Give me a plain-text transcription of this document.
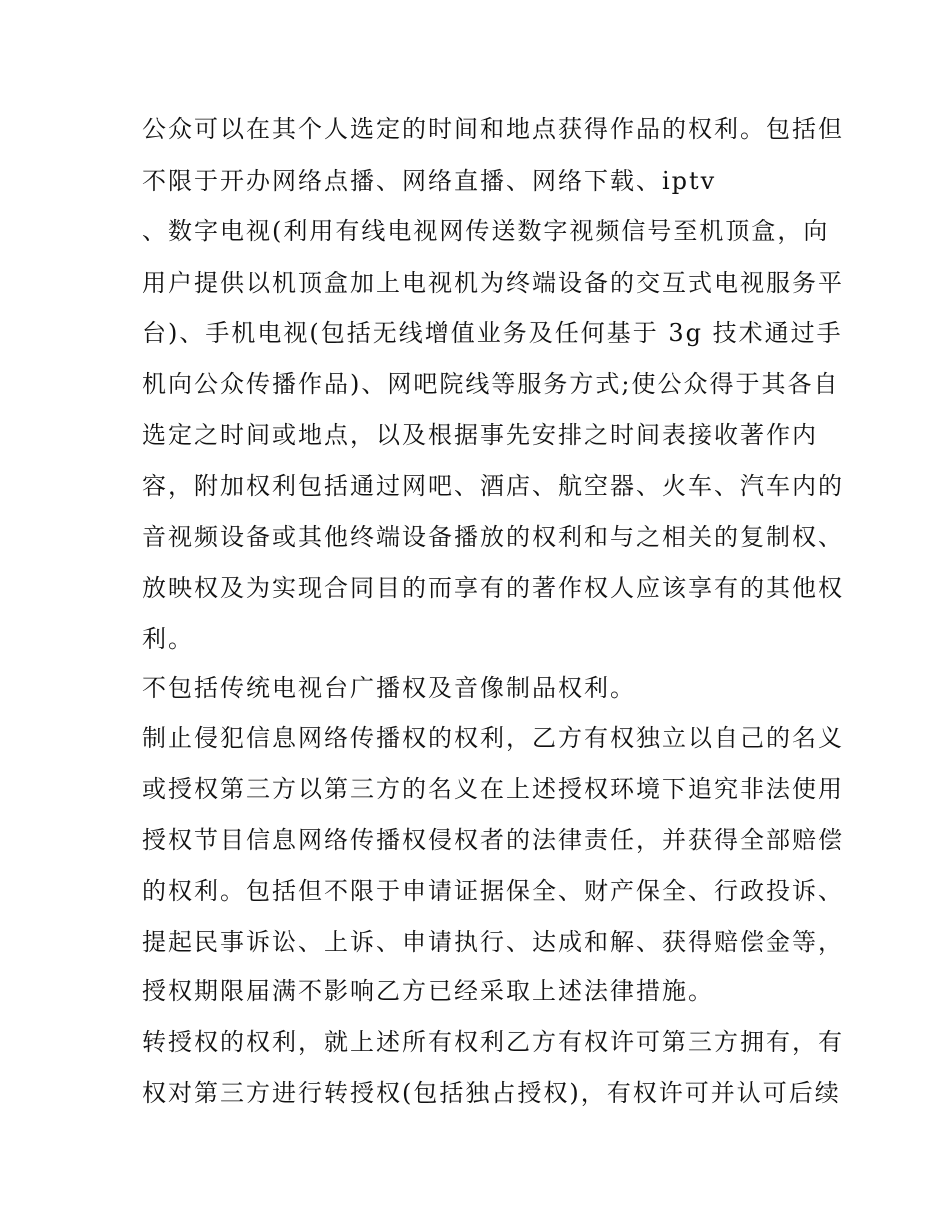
公众可以在其个人选定的时间和地点获得作品的权利。包括但
不限于开办网络点播、网络直播、网络下载、iptv
、数字电视(利用有线电视网传送数字视频信号至机顶盒，向
用户提供以机顶盒加上电视机为终端设备的交互式电视服务平
台)、手机电视(包括无线增值业务及任何基于 3g 技术通过手
机向公众传播作品)、网吧院线等服务方式;使公众得于其各自
选定之时间或地点，以及根据事先安排之时间表接收著作内
容，附加权利包括通过网吧、酒店、航空器、火车、汽车内的
音视频设备或其他终端设备播放的权利和与之相关的复制权、
放映权及为实现合同目的而享有的著作权人应该享有的其他权
利。
不包括传统电视台广播权及音像制品权利。
制止侵犯信息网络传播权的权利，乙方有权独立以自己的名义
或授权第三方以第三方的名义在上述授权环境下追究非法使用
授权节目信息网络传播权侵权者的法律责任，并获得全部赔偿
的权利。包括但不限于申请证据保全、财产保全、行政投诉、
提起民事诉讼、上诉、申请执行、达成和解、获得赔偿金等，
授权期限届满不影响乙方已经采取上述法律措施。
转授权的权利，就上述所有权利乙方有权许可第三方拥有，有
权对第三方进行转授权(包括独占授权)，有权许可并认可后续
